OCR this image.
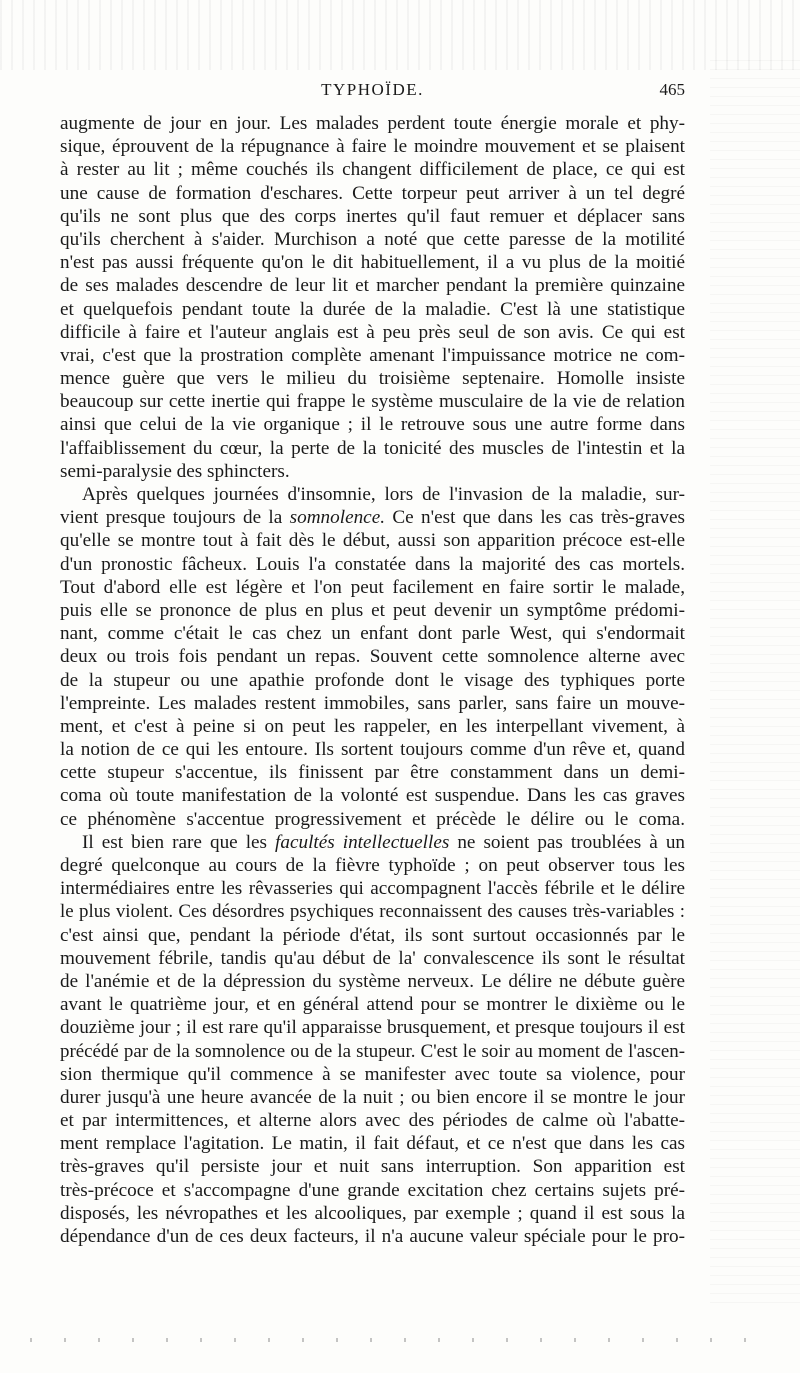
TYPHOÏDE.	465
augmente de jour en jour. Les malades perdent toute énergie morale et phy-
sique, éprouvent de la répugnance à faire le moindre mouvement et se plaisent
à rester au lit ; même couchés ils changent difficilement de place, ce qui est
une cause de formation d'eschares. Cette torpeur peut arriver à un tel degré
qu'ils ne sont plus que des corps inertes qu'il faut remuer et déplacer sans
qu'ils cherchent à s'aider. Murchison a noté que cette paresse de la motilité
n'est pas aussi fréquente qu'on le dit habituellement, il a vu plus de la moitié
de ses malades descendre de leur lit et marcher pendant la première quinzaine
et quelquefois pendant toute la durée de la maladie. C'est là une statistique
difficile à faire et l'auteur anglais est à peu près seul de son avis. Ce qui est
vrai, c'est que la prostration complète amenant l'impuissance motrice ne com-
mence guère que vers le milieu du troisième septenaire. Homolle insiste
beaucoup sur cette inertie qui frappe le système musculaire de la vie de relation
ainsi que celui de la vie organique ; il le retrouve sous une autre forme dans
l'affaiblissement du cœur, la perte de la tonicité des muscles de l'intestin et la
semi-paralysie des sphincters.
Après quelques journées d'insomnie, lors de l'invasion de la maladie, sur-
vient presque toujours de la somnolence. Ce n'est que dans les cas très-graves
qu'elle se montre tout à fait dès le début, aussi son apparition précoce est-elle
d'un pronostic fâcheux. Louis l'a constatée dans la majorité des cas mortels.
Tout d'abord elle est légère et l'on peut facilement en faire sortir le malade,
puis elle se prononce de plus en plus et peut devenir un symptôme prédomi-
nant, comme c'était le cas chez un enfant dont parle West, qui s'endormait
deux ou trois fois pendant un repas. Souvent cette somnolence alterne avec
de la stupeur ou une apathie profonde dont le visage des typhiques porte
l'empreinte. Les malades restent immobiles, sans parler, sans faire un mouve-
ment, et c'est à peine si on peut les rappeler, en les interpellant vivement, à
la notion de ce qui les entoure. Ils sortent toujours comme d'un rêve et, quand
cette stupeur s'accentue, ils finissent par être constamment dans un demi-
coma où toute manifestation de la volonté est suspendue. Dans les cas graves
ce phénomène s'accentue progressivement et précède le délire ou le coma.
Il est bien rare que les facultés intellectuelles ne soient pas troublées à un
degré quelconque au cours de la fièvre typhoïde ; on peut observer tous les
intermédiaires entre les rêvasseries qui accompagnent l'accès fébrile et le délire
le plus violent. Ces désordres psychiques reconnaissent des causes très-variables :
c'est ainsi que, pendant la période d'état, ils sont surtout occasionnés par le
mouvement fébrile, tandis qu'au début de la' convalescence ils sont le résultat
de l'anémie et de la dépression du système nerveux. Le délire ne débute guère
avant le quatrième jour, et en général attend pour se montrer le dixième ou le
douzième jour ; il est rare qu'il apparaisse brusquement, et presque toujours il est
précédé par de la somnolence ou de la stupeur. C'est le soir au moment de l'ascen-
sion thermique qu'il commence à se manifester avec toute sa violence, pour
durer jusqu'à une heure avancée de la nuit ; ou bien encore il se montre le jour
et par intermittences, et alterne alors avec des périodes de calme où l'abatte-
ment remplace l'agitation. Le matin, il fait défaut, et ce n'est que dans les cas
très-graves qu'il persiste jour et nuit sans interruption. Son apparition est
très-précoce et s'accompagne d'une grande excitation chez certains sujets pré-
disposés, les névropathes et les alcooliques, par exemple ; quand il est sous la
dépendance d'un de ces deux facteurs, il n'a aucune valeur spéciale pour le pro-
